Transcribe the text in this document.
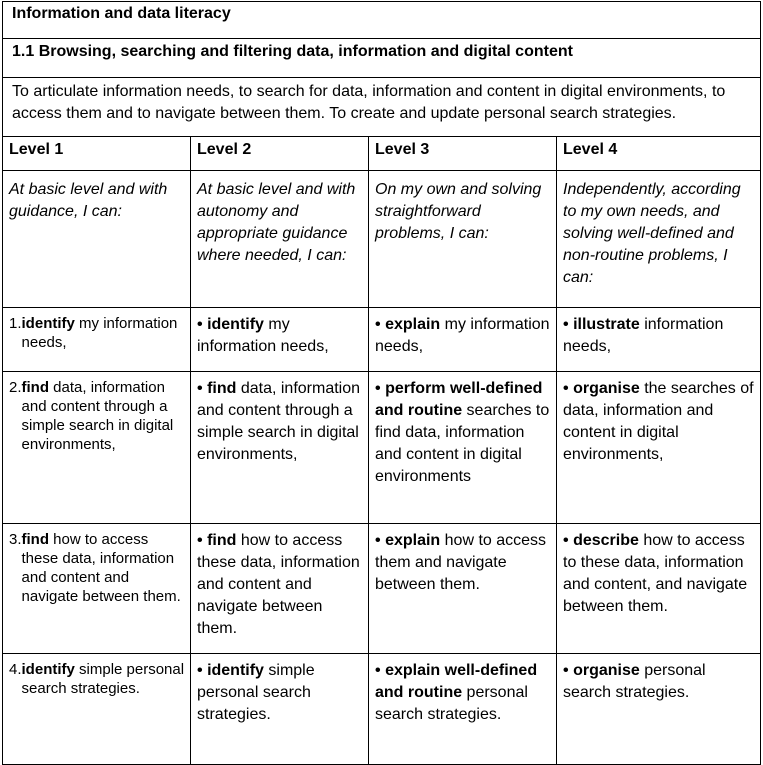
Information and data literacy			
1.1 Browsing, searching and filtering data, information and digital content			
To articulate information needs, to search for data, information and content in digital environments, to access them and to navigate between them. To create and update personal search strategies.			
Level 1	Level 2	Level 3	Level 4
At basic level and with guidance, I can:	At basic level and with autonomy and appropriate guidance where needed, I can:	On my own and solving straightforward problems, I can:	Independently, according to my own needs, and solving well-defined and non-routine problems, I can:

1. identify my information needs,	• identify my information needs,	• explain my information needs,	• illustrate information needs,

2. find data, information and content through a simple search in digital environments,	• find data, information and content through a simple search in digital environments,	• perform well-defined and routine searches to find data, information and content in digital environments	• organise the searches of data, information and content in digital environments,

3. find how to access these data, information and content and navigate between them.	• find how to access these data, information and content and navigate between them.	• explain how to access them and navigate between them.	• describe how to access to these data, information and content, and navigate between them.

4. identify simple personal search strategies.	• identify simple personal search strategies.	• explain well-defined and routine personal search strategies.	• organise personal search strategies.
